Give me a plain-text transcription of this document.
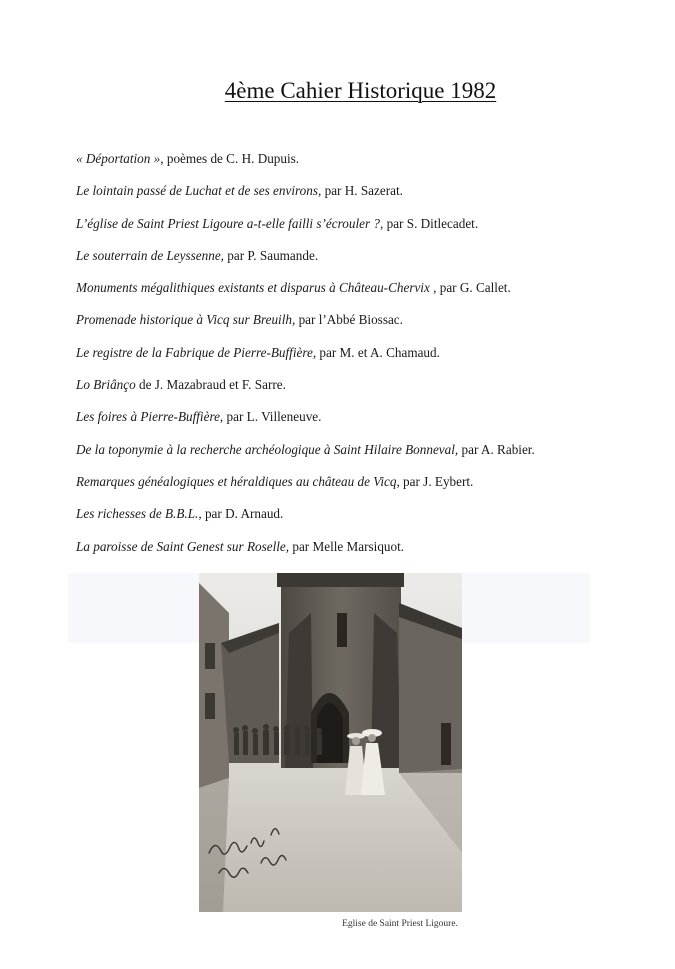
4ème Cahier Historique 1982
« Déportation », poèmes de C. H. Dupuis.
Le lointain passé de Luchat et de ses environs, par H. Sazerat.
L’église de Saint Priest Ligoure a-t-elle failli s’écrouler ?, par S. Ditlecadet.
Le souterrain de Leyssenne, par P. Saumande.
Monuments mégalithiques existants et disparus à Château-Chervix , par G. Callet.
Promenade historique à Vicq sur Breuilh, par l’Abbé Biossac.
Le registre de la Fabrique de Pierre-Buffière, par M. et A. Chamaud.
Lo Briânço de J. Mazabraud et F. Sarre.
Les foires à Pierre-Buffière, par L. Villeneuve.
De la toponymie à la recherche archéologique à Saint Hilaire Bonneval, par A. Rabier.
Remarques généalogiques et héraldiques au château de Vicq, par J. Eybert.
Les richesses de B.B.L., par D. Arnaud.
La paroisse de Saint Genest sur Roselle, par Melle Marsiquot.
Eglise de Saint Priest Ligoure.
